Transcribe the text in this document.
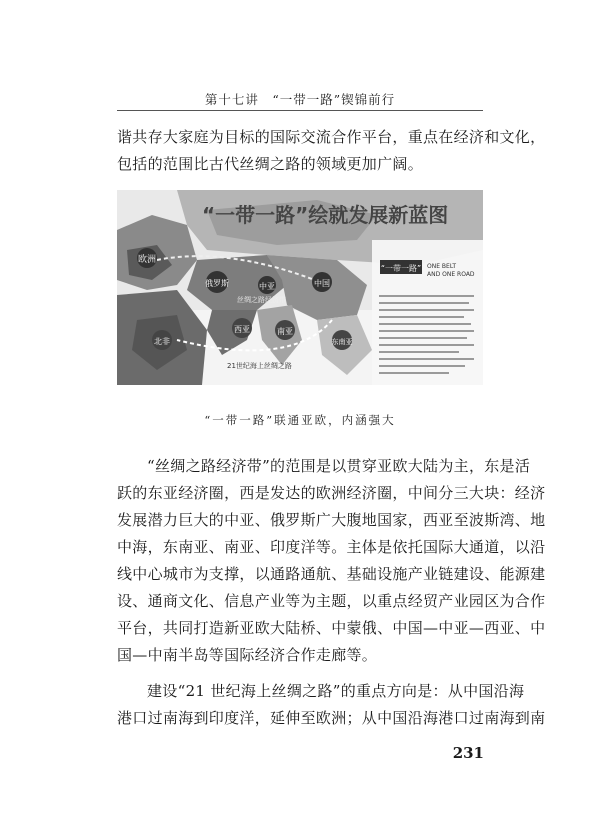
第十七讲　“一带一路”锲锦前行
谐共存大家庭为目标的国际交流合作平台，重点在经济和文化，
包括的范围比古代丝绸之路的领域更加广阔。
“一带一路”绘就发展新蓝图
欧洲
俄罗斯	中亚	中国
西亚	南亚
东南亚
北非
丝绸之路经济带
21世纪海上丝绸之路
“一带一路” ONE BELT
AND ONE ROAD
“一带一路”联通亚欧，内涵强大
“丝绸之路经济带”的范围是以贯穿亚欧大陆为主，东是活
跃的东亚经济圈，西是发达的欧洲经济圈，中间分三大块：经济
发展潜力巨大的中亚、俄罗斯广大腹地国家，西亚至波斯湾、地
中海，东南亚、南亚、印度洋等。主体是依托国际大通道，以沿
线中心城市为支撑，以通路通航、基础设施产业链建设、能源建
设、通商文化、信息产业等为主题，以重点经贸产业园区为合作
平台，共同打造新亚欧大陆桥、中蒙俄、中国—中亚—西亚、中
国—中南半岛等国际经济合作走廊等。
建设“21 世纪海上丝绸之路”的重点方向是：从中国沿海
港口过南海到印度洋，延伸至欧洲；从中国沿海港口过南海到南
231
